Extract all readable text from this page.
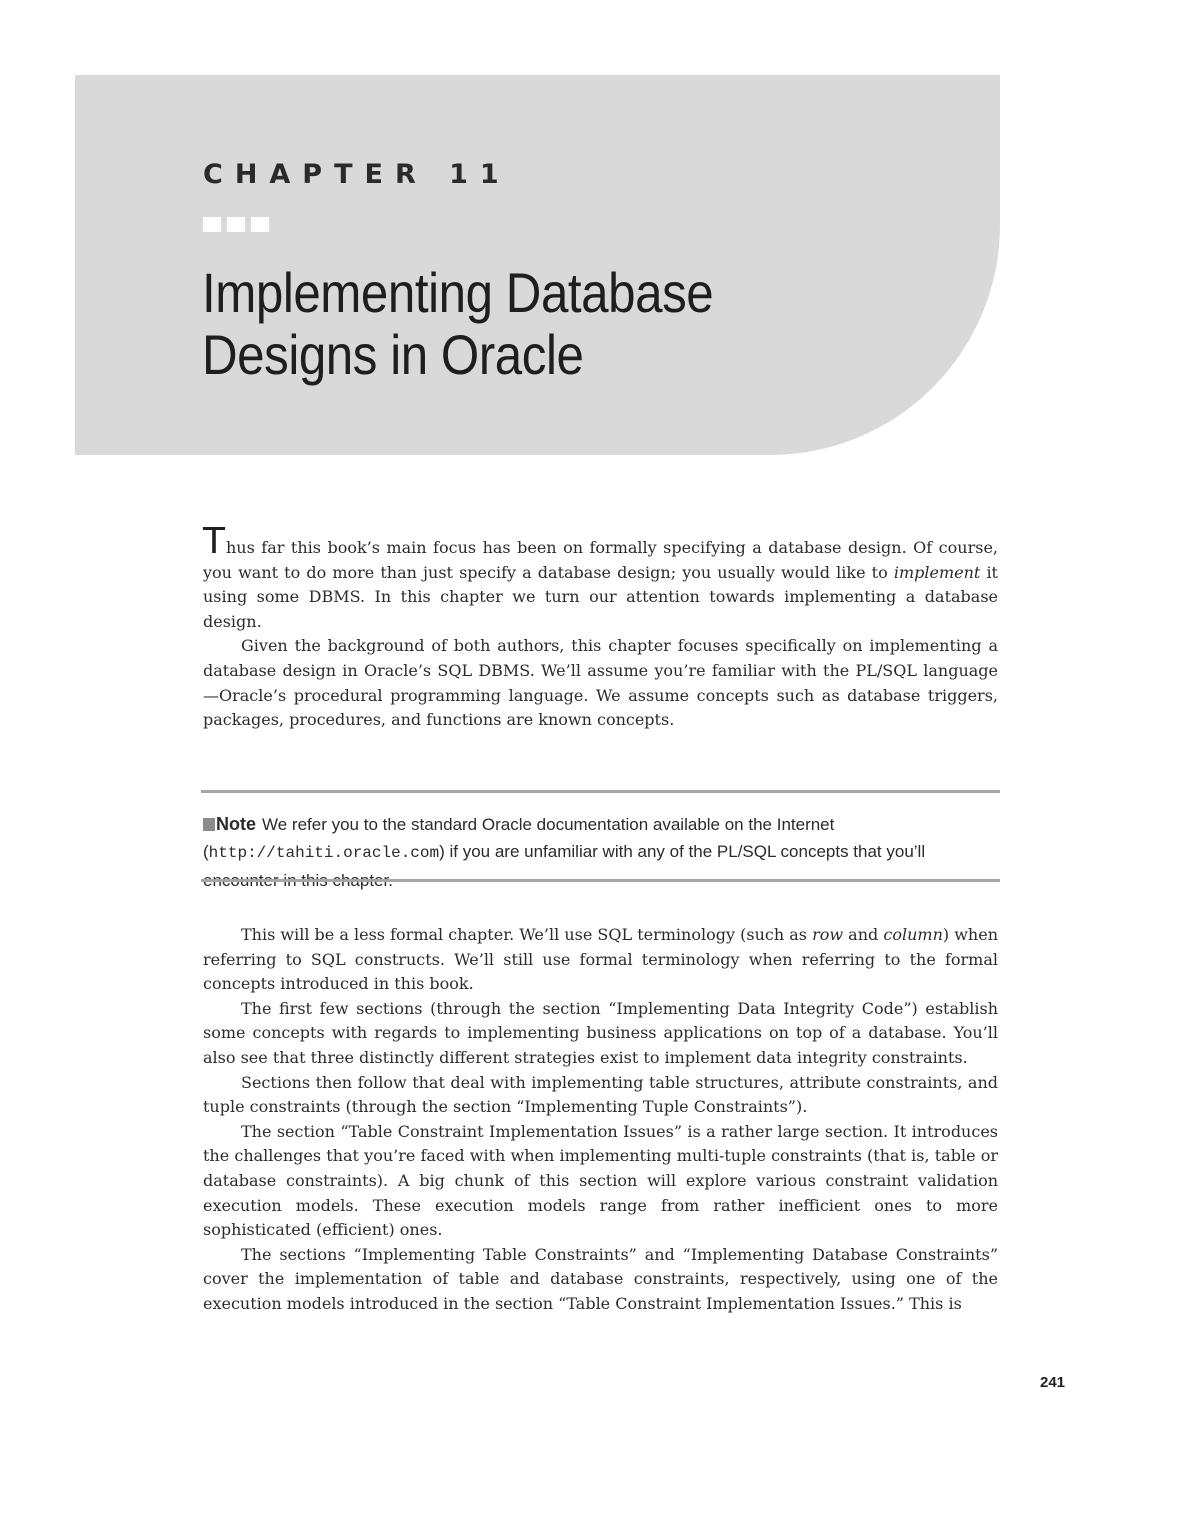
CHAPTER 11
Implementing Database
Designs in Oracle

Thus far this book’s main focus has been on formally specifying a database design. Of course, you want to do more than just specify a database design; you usually would like to implement it using some DBMS. In this chapter we turn our attention towards implementing a database design.

Given the background of both authors, this chapter focuses specifically on implementing a database design in Oracle’s SQL DBMS. We’ll assume you’re familiar with the PL/SQL language—Oracle’s procedural programming language. We assume concepts such as database triggers, packages, procedures, and functions are known concepts.

Note We refer you to the standard Oracle documentation available on the Internet (http://tahiti.oracle.com) if you are unfamiliar with any of the PL/SQL concepts that you’ll

This will be a less formal chapter. We’ll use SQL terminology (such as row and column) when referring to SQL constructs. We’ll still use formal terminology when referring to the formal concepts introduced in this book.

The first few sections (through the section “Implementing Data Integrity Code”) establish some concepts with regards to implementing business applications on top of a database. You’ll also see that three distinctly different strategies exist to implement data integrity constraints.

Sections then follow that deal with implementing table structures, attribute constraints, and tuple constraints (through the section “Implementing Tuple Constraints”).

The section “Table Constraint Implementation Issues” is a rather large section. It introduces the challenges that you’re faced with when implementing multi-tuple constraints (that is, table or database constraints). A big chunk of this section will explore various constraint validation execution models. These execution models range from rather inefficient ones to more sophisticated (efficient) ones.

The sections “Implementing Table Constraints” and “Implementing Database Constraints” cover the implementation of table and database constraints, respectively, using one of the execution models introduced in the section “Table Constraint Implementation Issues.” This is

241
